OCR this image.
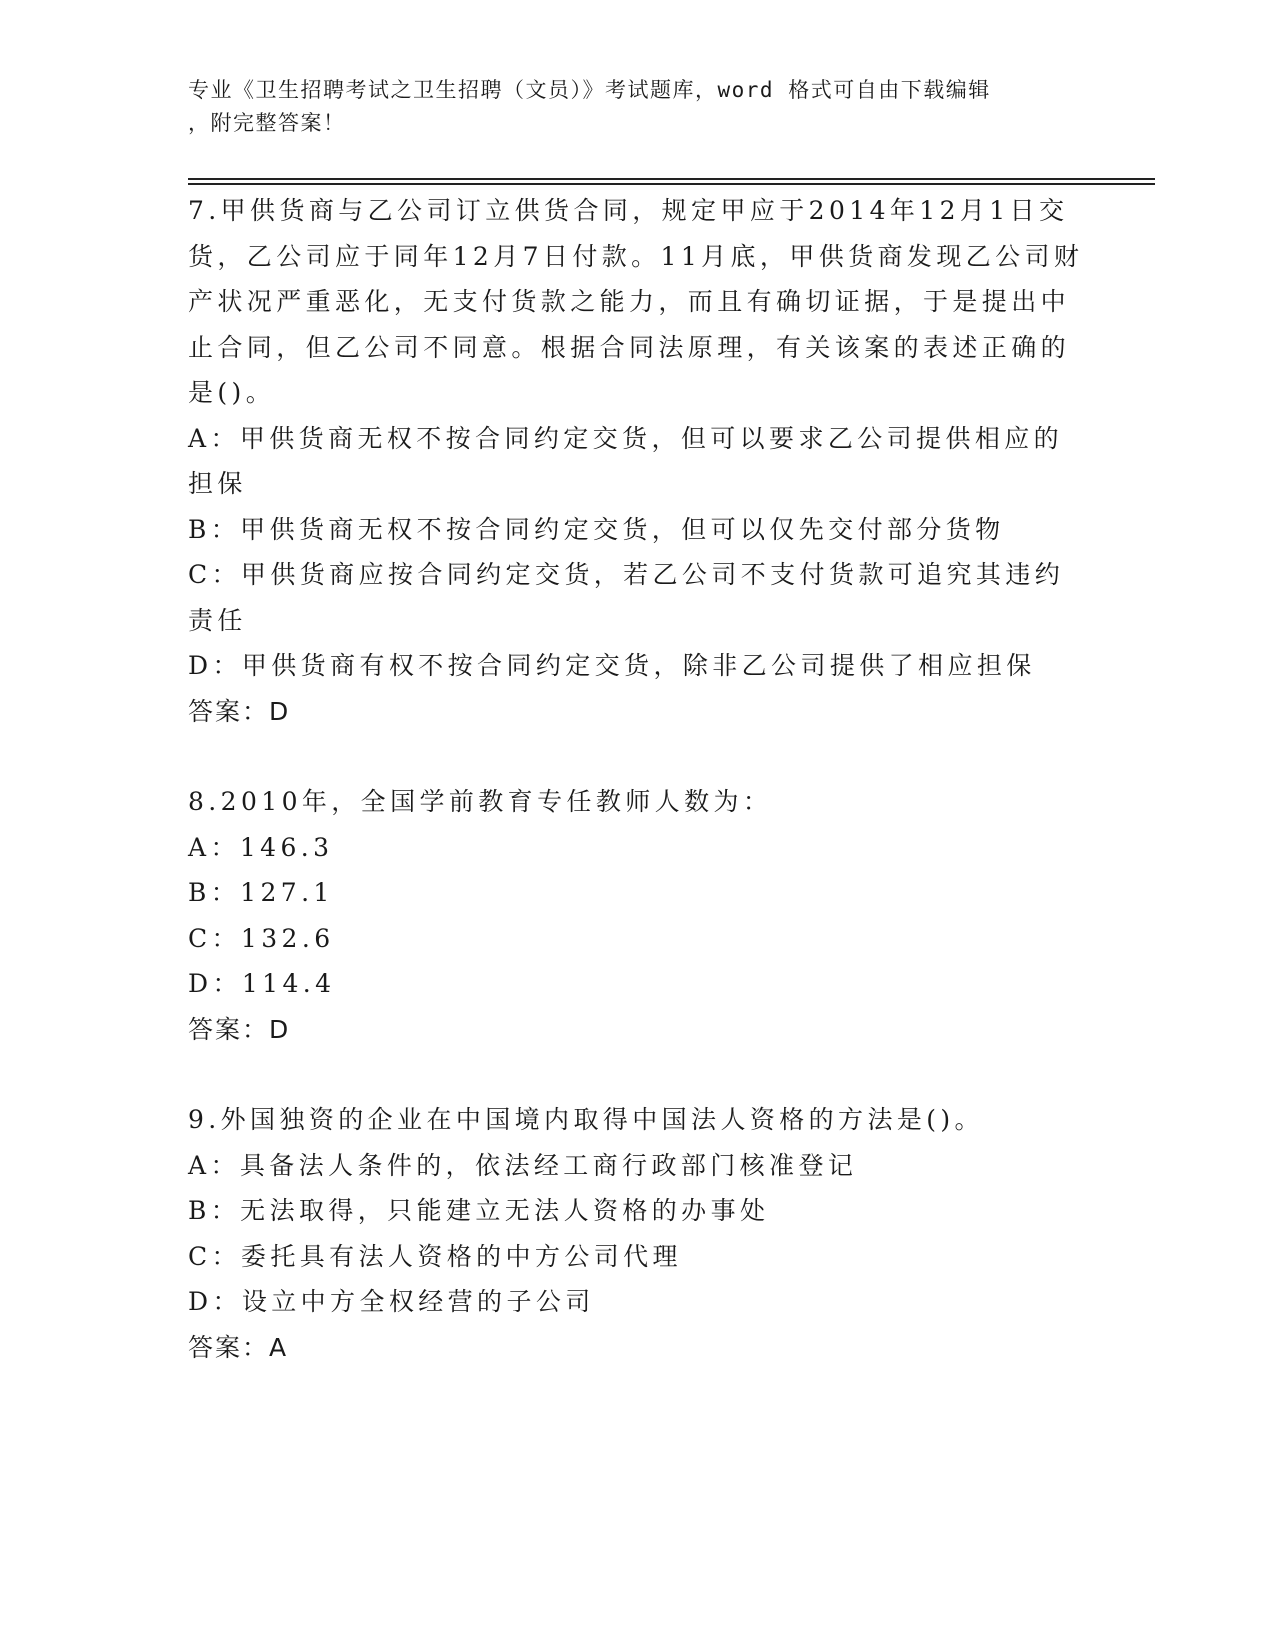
专业《卫生招聘考试之卫生招聘（文员）》考试题库，word 格式可自由下载编辑
，附完整答案！
7.甲供货商与乙公司订立供货合同，规定甲应于2014年12月1日交货，乙公司应于同年12月7日付款。11月底，甲供货商发现乙公司财产状况严重恶化，无支付货款之能力，而且有确切证据，于是提出中止合同，但乙公司不同意。根据合同法原理，有关该案的表述正确的是()。
A：甲供货商无权不按合同约定交货，但可以要求乙公司提供相应的担保
B：甲供货商无权不按合同约定交货，但可以仅先交付部分货物
C：甲供货商应按合同约定交货，若乙公司不支付货款可追究其违约责任
D：甲供货商有权不按合同约定交货，除非乙公司提供了相应担保
答案：D
8.2010年，全国学前教育专任教师人数为：
A：146.3
B：127.1
C：132.6
D：114.4
答案：D
9.外国独资的企业在中国境内取得中国法人资格的方法是()。
A：具备法人条件的，依法经工商行政部门核准登记
B：无法取得，只能建立无法人资格的办事处
C：委托具有法人资格的中方公司代理
D：设立中方全权经营的子公司
答案：A
